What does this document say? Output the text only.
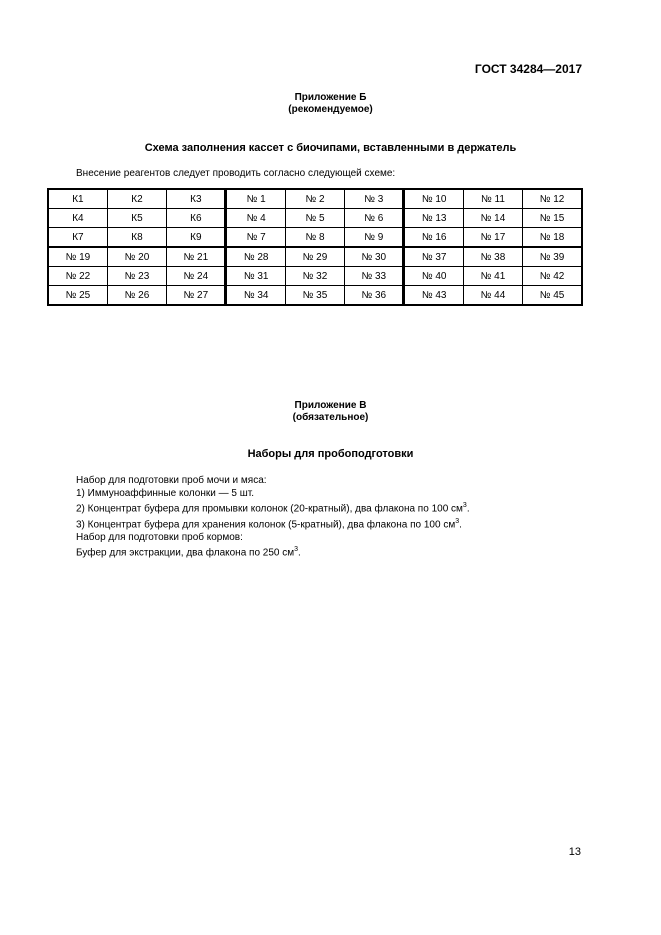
ГОСТ 34284—2017
Приложение Б
(рекомендуемое)
Схема заполнения кассет с биочипами, вставленными в держатель
Внесение реагентов следует проводить согласно следующей схеме:
К1	К2	К3	№ 1	№ 2	№ 3	№ 10	№ 11	№ 12
К4	К5	К6	№ 4	№ 5	№ 6	№ 13	№ 14	№ 15
К7	К8	К9	№ 7	№ 8	№ 9	№ 16	№ 17	№ 18
№ 19	№ 20	№ 21	№ 28	№ 29	№ 30	№ 37	№ 38	№ 39
№ 22	№ 23	№ 24	№ 31	№ 32	№ 33	№ 40	№ 41	№ 42
№ 25	№ 26	№ 27	№ 34	№ 35	№ 36	№ 43	№ 44	№ 45
Приложение В
(обязательное)
Наборы для пробоподготовки

Набор для подготовки проб мочи и мяса:

1) Иммуноаффинные колонки — 5 шт.

2) Концентрат буфера для промывки колонок (20-кратный), два флакона по 100 $см^3$.

3) Концентрат буфера для хранения колонок (5-кратный), два флакона по 100 $см^3$.

Набор для подготовки проб кормов:

Буфер для экстракции, два флакона по 250 $см^3$.

13
